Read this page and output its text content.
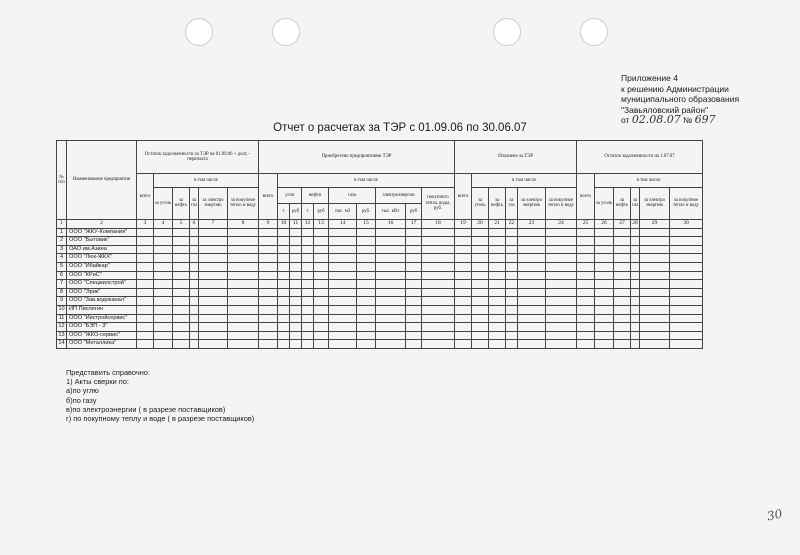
Приложение 4
к решению Администрации
муниципального образования
"Завьяловский район"
от 02.08.07 № 697
Отчет о расчетах за ТЭР с 01.09.06 по 30.06.07
№ п/п	Наименование предприятия	Остаток задолженности за ТЭР на 01.09.06 + долг, - переплата						Приобретено предприятиями ТЭР										Оплачено за ТЭР						Остаток задолженности на 1.07.07					
		всего	в том числе					всего	в том числе									всего	в том числе					всего	в том числе				
			за уголь	за нефть	за газ	за электро энергию	за покупное тепло и воду		угля		нефти		газа		электроэнергии		покупного тепла, воды, руб.		за уголь	за нефть	за газ	за электро энергию	за покупное тепло и воду		за уголь	за нефть	за газ	за электро энергию	за покупное тепло и воду
									т	руб	т	руб	тыс. м3	руб.	тыс. кВт	руб													
1	2	3	4	5	6	7	8	9	10	11	12	13	14	15	16	17	18	19	20	21	22	23	24	25	26	27	28	29	30
1	ООО "ЖКУ-Компания"																												
2	ООО "Бытовик"																												
3	ОАО им.Азина																												
4	ООО "Люк-ЖКХ"																												
5	ООО "Ибайкар"																												
6	ООО "КРиС"																												
7	ООО "Спецжилстрой"																												
8	ООО "Эрик"																												
9	ООО "Зав.водоканал"																												
10	ИП Пислегин																												
11	ООО "Иистройсервис"																												
12	ООО "БЭП - 3"																												
13	ООО "ЖКО-сервис"																												
14	ООО "Металлика"																												
Представить справочно:
1) Акты сверки по:
а)по углю
б)по газу
в)по электроэнергии ( в разрезе поставщиков)
г) по покупному теплу и воде ( в разрезе поставщиков)
30
